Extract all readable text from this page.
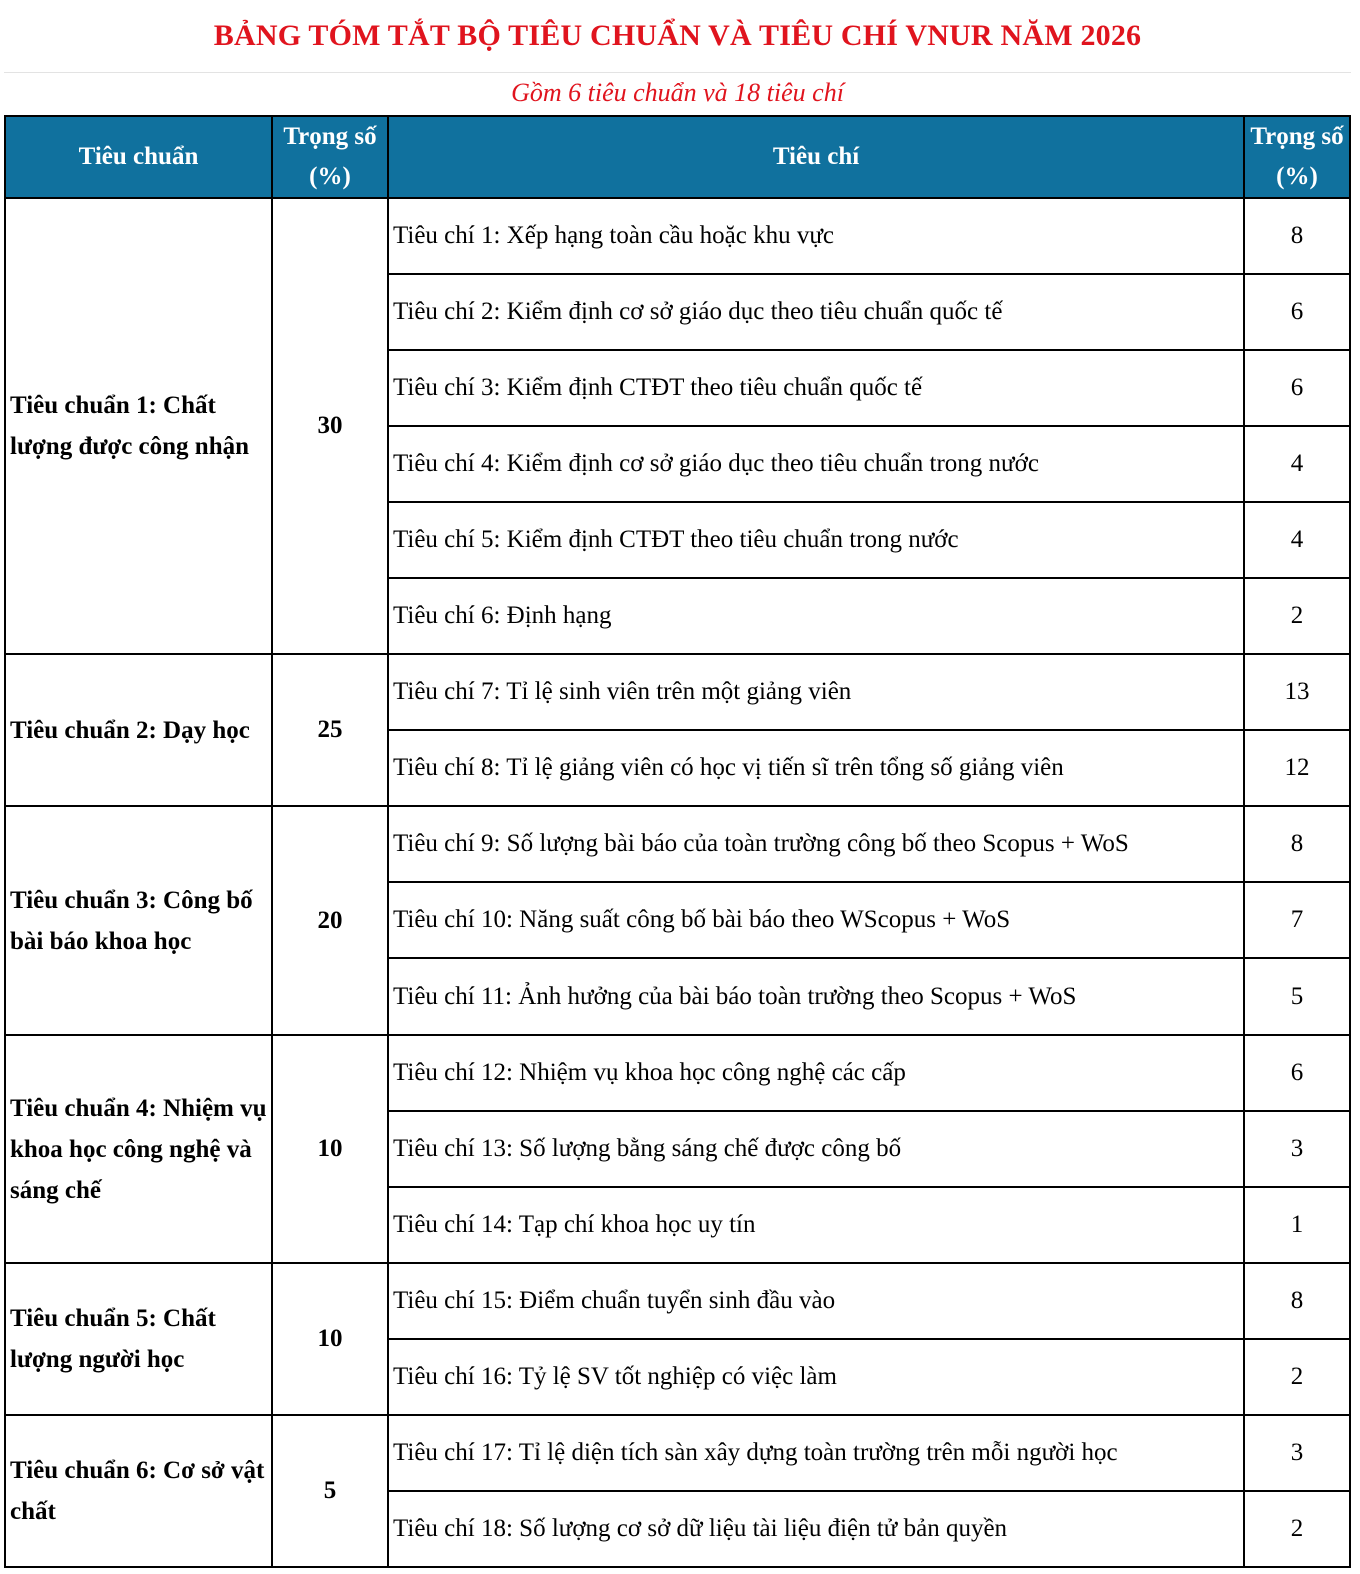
BẢNG TÓM TẮT BỘ TIÊU CHUẨN VÀ TIÊU CHÍ VNUR NĂM 2026
Gồm 6 tiêu chuẩn và 18 tiêu chí
Tiêu chuẩn	Trọng số (%)	Tiêu chí	Trọng số (%)
Tiêu chuẩn 1: Chất lượng được công nhận	30	Tiêu chí 1: Xếp hạng toàn cầu hoặc khu vực	8
		Tiêu chí 2: Kiểm định cơ sở giáo dục theo tiêu chuẩn quốc tế	6
		Tiêu chí 3: Kiểm định CTĐT theo tiêu chuẩn quốc tế	6
		Tiêu chí 4: Kiểm định cơ sở giáo dục theo tiêu chuẩn trong nước	4
		Tiêu chí 5: Kiểm định CTĐT theo tiêu chuẩn trong nước	4
		Tiêu chí 6: Định hạng	2
Tiêu chuẩn 2: Dạy học	25	Tiêu chí 7: Tỉ lệ sinh viên trên một giảng viên	13
		Tiêu chí 8: Tỉ lệ giảng viên có học vị tiến sĩ trên tổng số giảng viên	12
Tiêu chuẩn 3: Công bố bài báo khoa học	20	Tiêu chí 9: Số lượng bài báo của toàn trường công bố theo Scopus + WoS	8
		Tiêu chí 10: Năng suất công bố bài báo theo WScopus + WoS	7
		Tiêu chí 11: Ảnh hưởng của bài báo toàn trường theo Scopus + WoS	5
Tiêu chuẩn 4: Nhiệm vụ khoa học công nghệ và sáng chế	10	Tiêu chí 12: Nhiệm vụ khoa học công nghệ các cấp	6
		Tiêu chí 13: Số lượng bằng sáng chế được công bố	3
		Tiêu chí 14: Tạp chí khoa học uy tín	1
Tiêu chuẩn 5: Chất lượng người học	10	Tiêu chí 15: Điểm chuẩn tuyển sinh đầu vào	8
		Tiêu chí 16: Tỷ lệ SV tốt nghiệp có việc làm	2
Tiêu chuẩn 6: Cơ sở vật chất	5	Tiêu chí 17: Tỉ lệ diện tích sàn xây dựng toàn trường trên mỗi người học	3
		Tiêu chí 18: Số lượng cơ sở dữ liệu tài liệu điện tử bản quyền	2
